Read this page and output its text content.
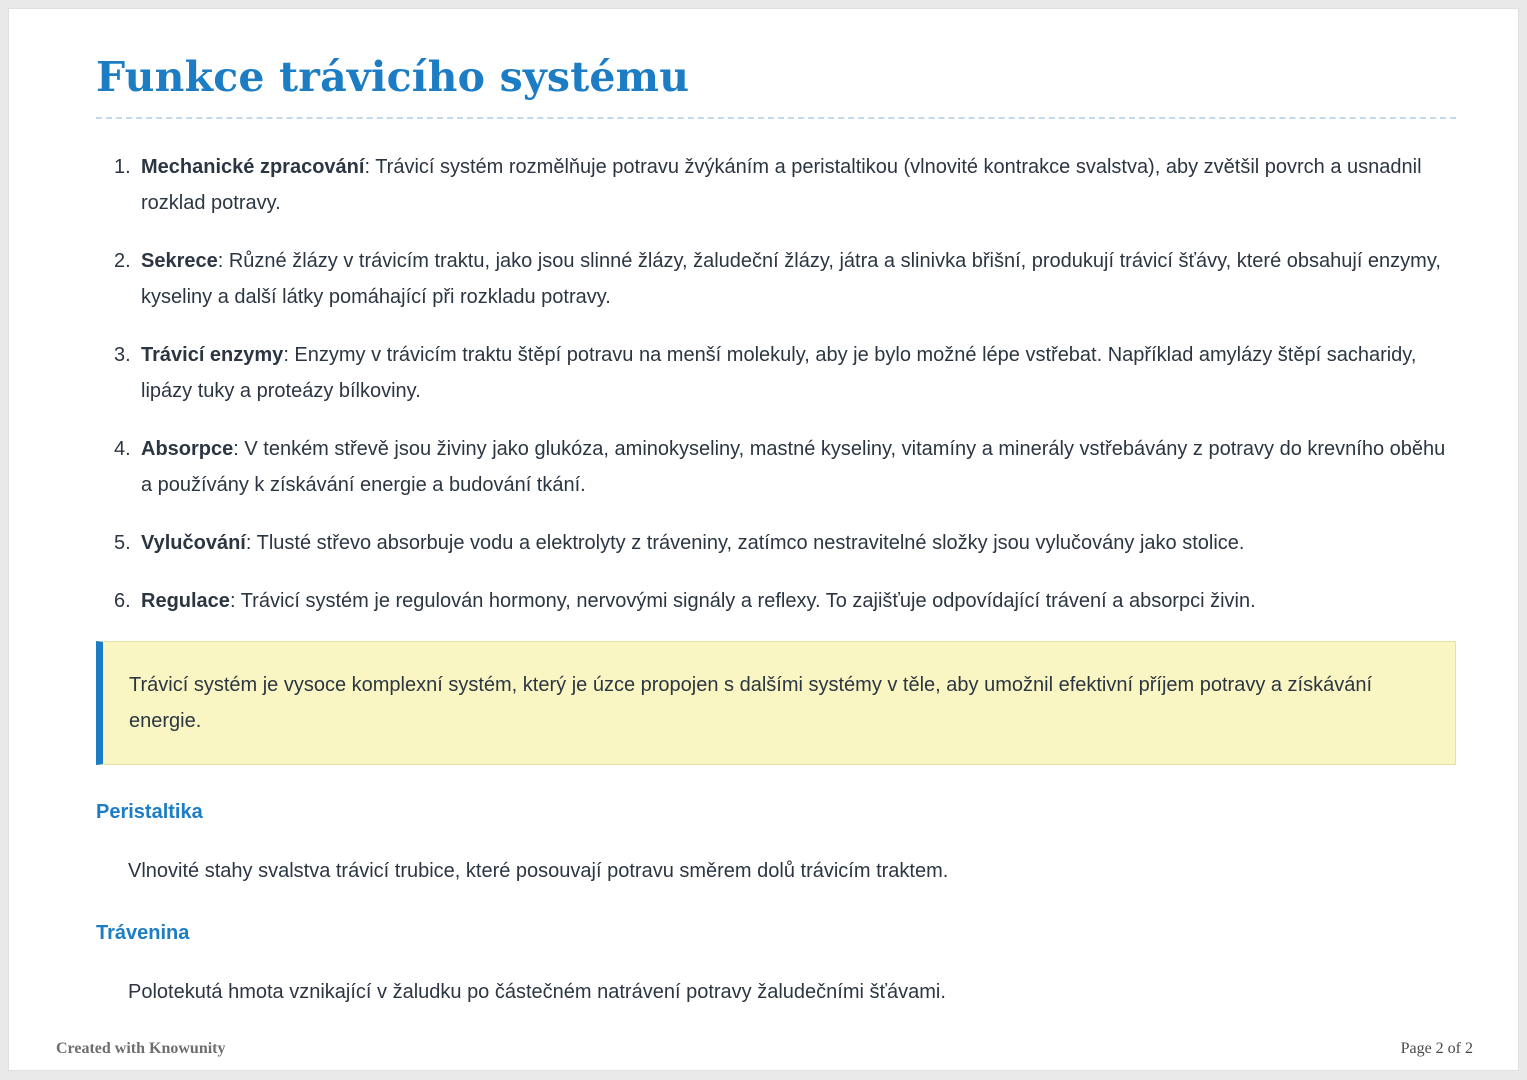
Funkce trávicího systému
1. Mechanické zpracování: Trávicí systém rozmělňuje potravu žvýkáním a peristaltikou (vlnovité kontrakce svalstva), aby zvětšil povrch a usnadnil rozklad potravy.

2. Sekrece: Různé žlázy v trávicím traktu, jako jsou slinné žlázy, žaludeční žlázy, játra a slinivka břišní, produkují trávicí šťávy, které obsahují enzymy, kyseliny a další látky pomáhající při rozkladu potravy.

3. Trávicí enzymy: Enzymy v trávicím traktu štěpí potravu na menší molekuly, aby je bylo možné lépe vstřebat. Například amylázy štěpí sacharidy, lipázy tuky a proteázy bílkoviny.

4. Absorpce: V tenkém střevě jsou živiny jako glukóza, aminokyseliny, mastné kyseliny, vitamíny a minerály vstřebávány z potravy do krevního oběhu a používány k získávání energie a budování tkání.

5. Vylučování: Tlusté střevo absorbuje vodu a elektrolyty z tráveniny, zatímco nestravitelné složky jsou vylučovány jako stolice.

6. Regulace: Trávicí systém je regulován hormony, nervovými signály a reflexy. To zajišťuje odpovídající trávení a absorpci živin.

Trávicí systém je vysoce komplexní systém, který je úzce propojen s dalšími systémy v těle, aby umožnil efektivní příjem potravy a získávání energie.
Peristaltika

Vlnovité stahy svalstva trávicí trubice, které posouvají potravu směrem dolů trávicím traktem.

Trávenina

Polotekutá hmota vznikající v žaludku po částečném natrávení potravy žaludečními šťávami.

Created with Knowunity	Page 2 of 2
